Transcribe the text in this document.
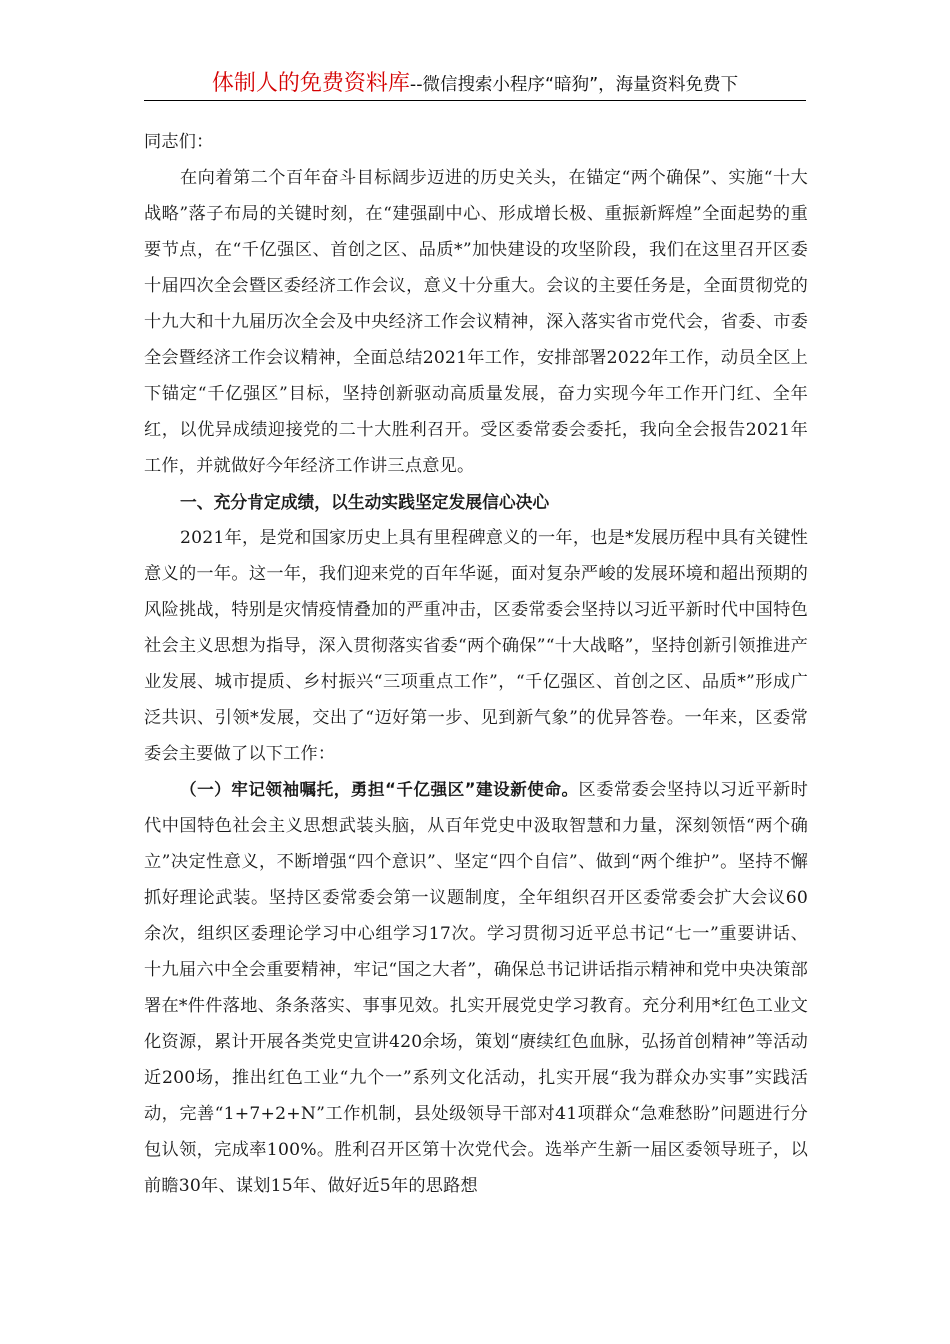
体制人的免费资料库--微信搜索小程序“暗狗”，海量资料免费下

同志们：

在向着第二个百年奋斗目标阔步迈进的历史关头，在锚定“两个确保”、实施“十大战略”落子布局的关键时刻，在“建强副中心、形成增长极、重振新辉煌”全面起势的重要节点，在“千亿强区、首创之区、品质*”加快建设的攻坚阶段，我们在这里召开区委十届四次全会暨区委经济工作会议，意义十分重大。会议的主要任务是，全面贯彻党的十九大和十九届历次全会及中央经济工作会议精神，深入落实省市党代会，省委、市委全会暨经济工作会议精神，全面总结2021年工作，安排部署2022年工作，动员全区上下锚定“千亿强区”目标，坚持创新驱动高质量发展，奋力实现今年工作开门红、全年红，以优异成绩迎接党的二十大胜利召开。受区委常委会委托，我向全会报告2021年工作，并就做好今年经济工作讲三点意见。

一、充分肯定成绩，以生动实践坚定发展信心决心

2021年，是党和国家历史上具有里程碑意义的一年，也是*发展历程中具有关键性意义的一年。这一年，我们迎来党的百年华诞，面对复杂严峻的发展环境和超出预期的风险挑战，特别是灾情疫情叠加的严重冲击，区委常委会坚持以习近平新时代中国特色社会主义思想为指导，深入贯彻落实省委“两个确保”“十大战略”，坚持创新引领推进产业发展、城市提质、乡村振兴“三项重点工作”，“千亿强区、首创之区、品质*”形成广泛共识、引领*发展，交出了“迈好第一步、见到新气象”的优异答卷。一年来，区委常委会主要做了以下工作：

（一）牢记领袖嘱托，勇担“千亿强区”建设新使命。区委常委会坚持以习近平新时代中国特色社会主义思想武装头脑，从百年党史中汲取智慧和力量，深刻领悟“两个确立”决定性意义，不断增强“四个意识”、坚定“四个自信”、做到“两个维护”。坚持不懈抓好理论武装。坚持区委常委会第一议题制度，全年组织召开区委常委会扩大会议60余次，组织区委理论学习中心组学习17次。学习贯彻习近平总书记“七一”重要讲话、十九届六中全会重要精神，牢记“国之大者”，确保总书记讲话指示精神和党中央决策部署在*件件落地、条条落实、事事见效。扎实开展党史学习教育。充分利用*红色工业文化资源，累计开展各类党史宣讲420余场，策划“赓续红色血脉，弘扬首创精神”等活动近200场，推出红色工业“九个一”系列文化活动，扎实开展“我为群众办实事”实践活动，完善“1+7+2+N”工作机制，县处级领导干部对41项群众“急难愁盼”问题进行分包认领，完成率100%。胜利召开区第十次党代会。选举产生新一届区委领导班子，以前瞻30年、谋划15年、做好近5年的思路想
